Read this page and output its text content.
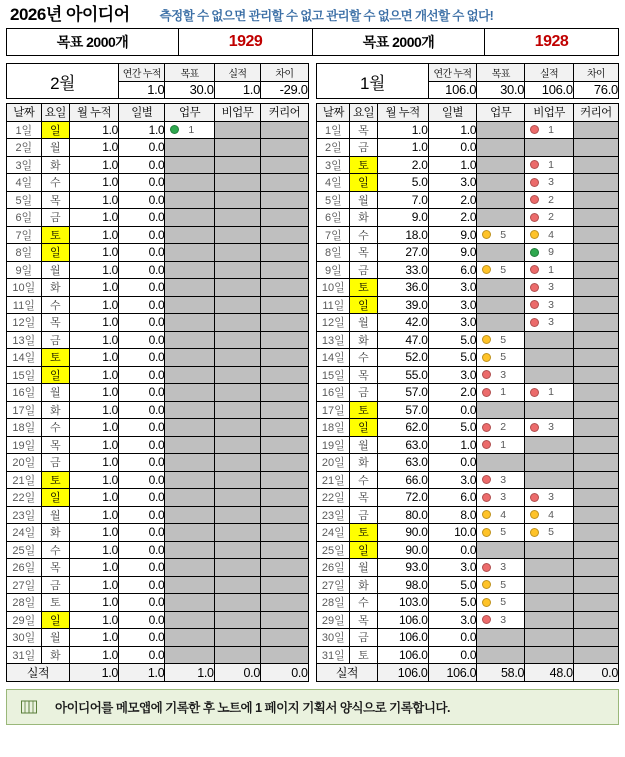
2026년 아이디어 측정할 수 없으면 관리할 수 없고 관리할 수 없으면 개선할 수 없다!
목표 2000개	1929	목표 2000개	1928
2월			연간 누적	목표	실적	차이
			1.0	30.0	1.0	-29.0

날짜	요일	월 누적	일별	업무	비업무	커리어
1일	일	1.0	1.0	1		

2일	월	1.0	0.0			
3일	화	1.0	0.0			
4일	수	1.0	0.0			
5일	목	1.0	0.0			
6일	금	1.0	0.0			
7일	토	1.0	0.0			
8일	일	1.0	0.0			
9일	월	1.0	0.0			
10일	화	1.0	0.0			
11일	수	1.0	0.0			
12일	목	1.0	0.0			
13일	금	1.0	0.0			
14일	토	1.0	0.0			
15일	일	1.0	0.0			
16일	월	1.0	0.0			
17일	화	1.0	0.0			
18일	수	1.0	0.0			
19일	목	1.0	0.0			
20일	금	1.0	0.0			
21일	토	1.0	0.0			
22일	일	1.0	0.0			
23일	월	1.0	0.0			
24일	화	1.0	0.0			
25일	수	1.0	0.0			
26일	목	1.0	0.0			
27일	금	1.0	0.0			
28일	토	1.0	0.0			
29일	일	1.0	0.0			
30일	월	1.0	0.0			
31일	화	1.0	0.0			
실적		1.0	1.0	1.0	0.0	0.0
1월			연간 누적	목표	실적	차이
			106.0	30.0	106.0	76.0

날짜	요일	월 누적	일별	업무	비업무	커리어
1일	목	1.0	1.0		1	

2일	금	1.0	0.0			
3일	토	2.0	1.0		1	

4일	일	5.0	3.0		3	

5일	월	7.0	2.0		2	

6일	화	9.0	2.0		2	

7일	수	18.0	9.0	5	4	

8일	목	27.0	9.0		9	

9일	금	33.0	6.0	5	1	

10일	토	36.0	3.0		3	

11일	일	39.0	3.0		3	

12일	월	42.0	3.0		3	

13일	화	47.0	5.0	5		

14일	수	52.0	5.0	5		

15일	목	55.0	3.0	3		

16일	금	57.0	2.0	1	1	

17일	토	57.0	0.0			
18일	일	62.0	5.0	2	3	

19일	월	63.0	1.0	1		

20일	화	63.0	0.0			
21일	수	66.0	3.0	3		

22일	목	72.0	6.0	3	3	

23일	금	80.0	8.0	4	4	

24일	토	90.0	10.0	5	5	

25일	일	90.0	0.0			
26일	월	93.0	3.0	3		

27일	화	98.0	5.0	5		

28일	수	103.0	5.0	5		

29일	목	106.0	3.0	3		

30일	금	106.0	0.0			
31일	토	106.0	0.0			
실적		106.0	106.0	58.0	48.0	0.0
아이디어를 메모앱에 기록한 후 노트에 1 페이지 기획서 양식으로 기록합니다.
